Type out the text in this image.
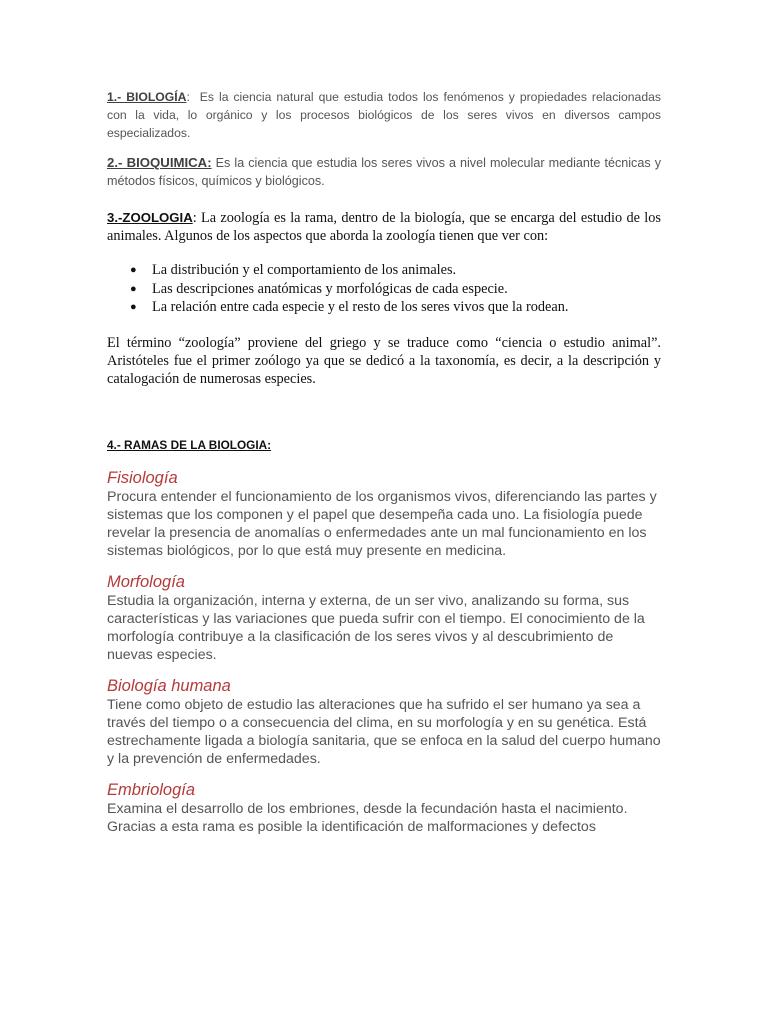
1.- BIOLOGÍA: Es la ciencia natural que estudia todos los fenómenos y propiedades relacionadas con la vida, lo orgánico y los procesos biológicos de los seres vivos en diversos campos especializados.

2.- BIOQUIMICA: Es la ciencia que estudia los seres vivos a nivel molecular mediante técnicas y métodos físicos, químicos y biológicos.

3.-ZOOLOGIA: La zoología es la rama, dentro de la biología, que se encarga del estudio de los animales. Algunos de los aspectos que aborda la zoología tienen que ver con:

● La distribución y el comportamiento de los animales.
● Las descripciones anatómicas y morfológicas de cada especie.
● La relación entre cada especie y el resto de los seres vivos que la rodean.

El término “zoología” proviene del griego y se traduce como “ciencia o estudio animal”. Aristóteles fue el primer zoólogo ya que se dedicó a la taxonomía, es decir, a la descripción y catalogación de numerosas especies.

4.- RAMAS DE LA BIOLOGIA:

Fisiología

Procura entender el funcionamiento de los organismos vivos, diferenciando las partes y sistemas que los componen y el papel que desempeña cada uno. La fisiología puede revelar la presencia de anomalías o enfermedades ante un mal funcionamiento en los sistemas biológicos, por lo que está muy presente en medicina.

Morfología

Estudia la organización, interna y externa, de un ser vivo, analizando su forma, sus características y las variaciones que pueda sufrir con el tiempo. El conocimiento de la morfología contribuye a la clasificación de los seres vivos y al descubrimiento de nuevas especies.

Biología humana

Tiene como objeto de estudio las alteraciones que ha sufrido el ser humano ya sea a través del tiempo o a consecuencia del clima, en su morfología y en su genética. Está estrechamente ligada a biología sanitaria, que se enfoca en la salud del cuerpo humano y la prevención de enfermedades.

Embriología

Examina el desarrollo de los embriones, desde la fecundación hasta el nacimiento. Gracias a esta rama es posible la identificación de malformaciones y defectos
